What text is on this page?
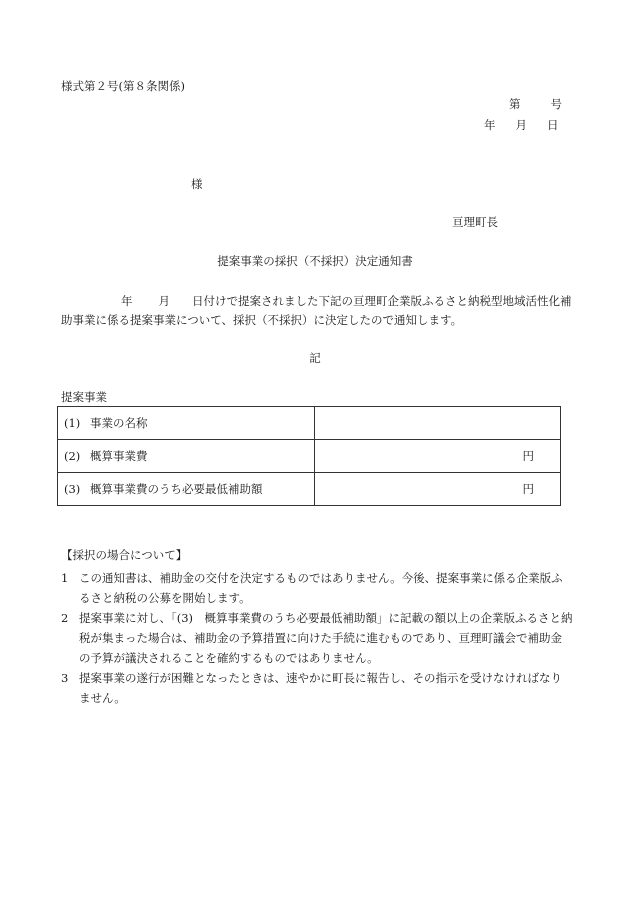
様式第２号(第８条関係)
第	号
年 月 日
様
亘理町長
提案事業の採択（不採択）決定通知書
年 月 日付けで提案されました下記の亘理町企業版ふるさと納税型地域活性化補助事業に係る提案事業について、採択（不採択）に決定したので通知します。
記
提案事業
(1) 事業の名称	
(2) 概算事業費	円
(3) 概算事業費のうち必要最低補助額	円
【採択の場合について】
1 この通知書は、補助金の交付を決定するものではありません。今後、提案事業に係る企業版ふるさと納税の公募を開始します。
2 提案事業に対し、「(3)　概算事業費のうち必要最低補助額」に記載の額以上の企業版ふるさと納税が集まった場合は、補助金の予算措置に向けた手続に進むものであり、亘理町議会で補助金の予算が議決されることを確約するものではありません。
3 提案事業の遂行が困難となったときは、速やかに町長に報告し、その指示を受けなければなりません。
